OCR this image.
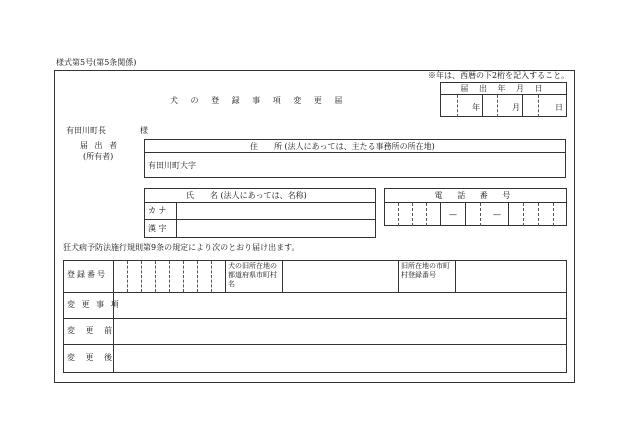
様式第5号(第5条関係)
※年は、西暦の下2桁を記入すること。
届 出 年 月 日
年	月	日
犬 の 登 録 事 項 変 更 届
有田川町長	様
届 出 者
(所有者)
住　　所 (法人にあっては、主たる事務所の所在地)
有田川町大字
氏　　名 (法人にあっては、名称)
カ ナ
漢 字
電 話 番 号
—	—
狂犬病予防法施行規則第9条の規定により次のとおり届け出ます。
登録番号
犬の旧所在地の都道府県市町村名
旧所在地の市町村登録番号
変 更 事 項
変 更 前
変 更 後
